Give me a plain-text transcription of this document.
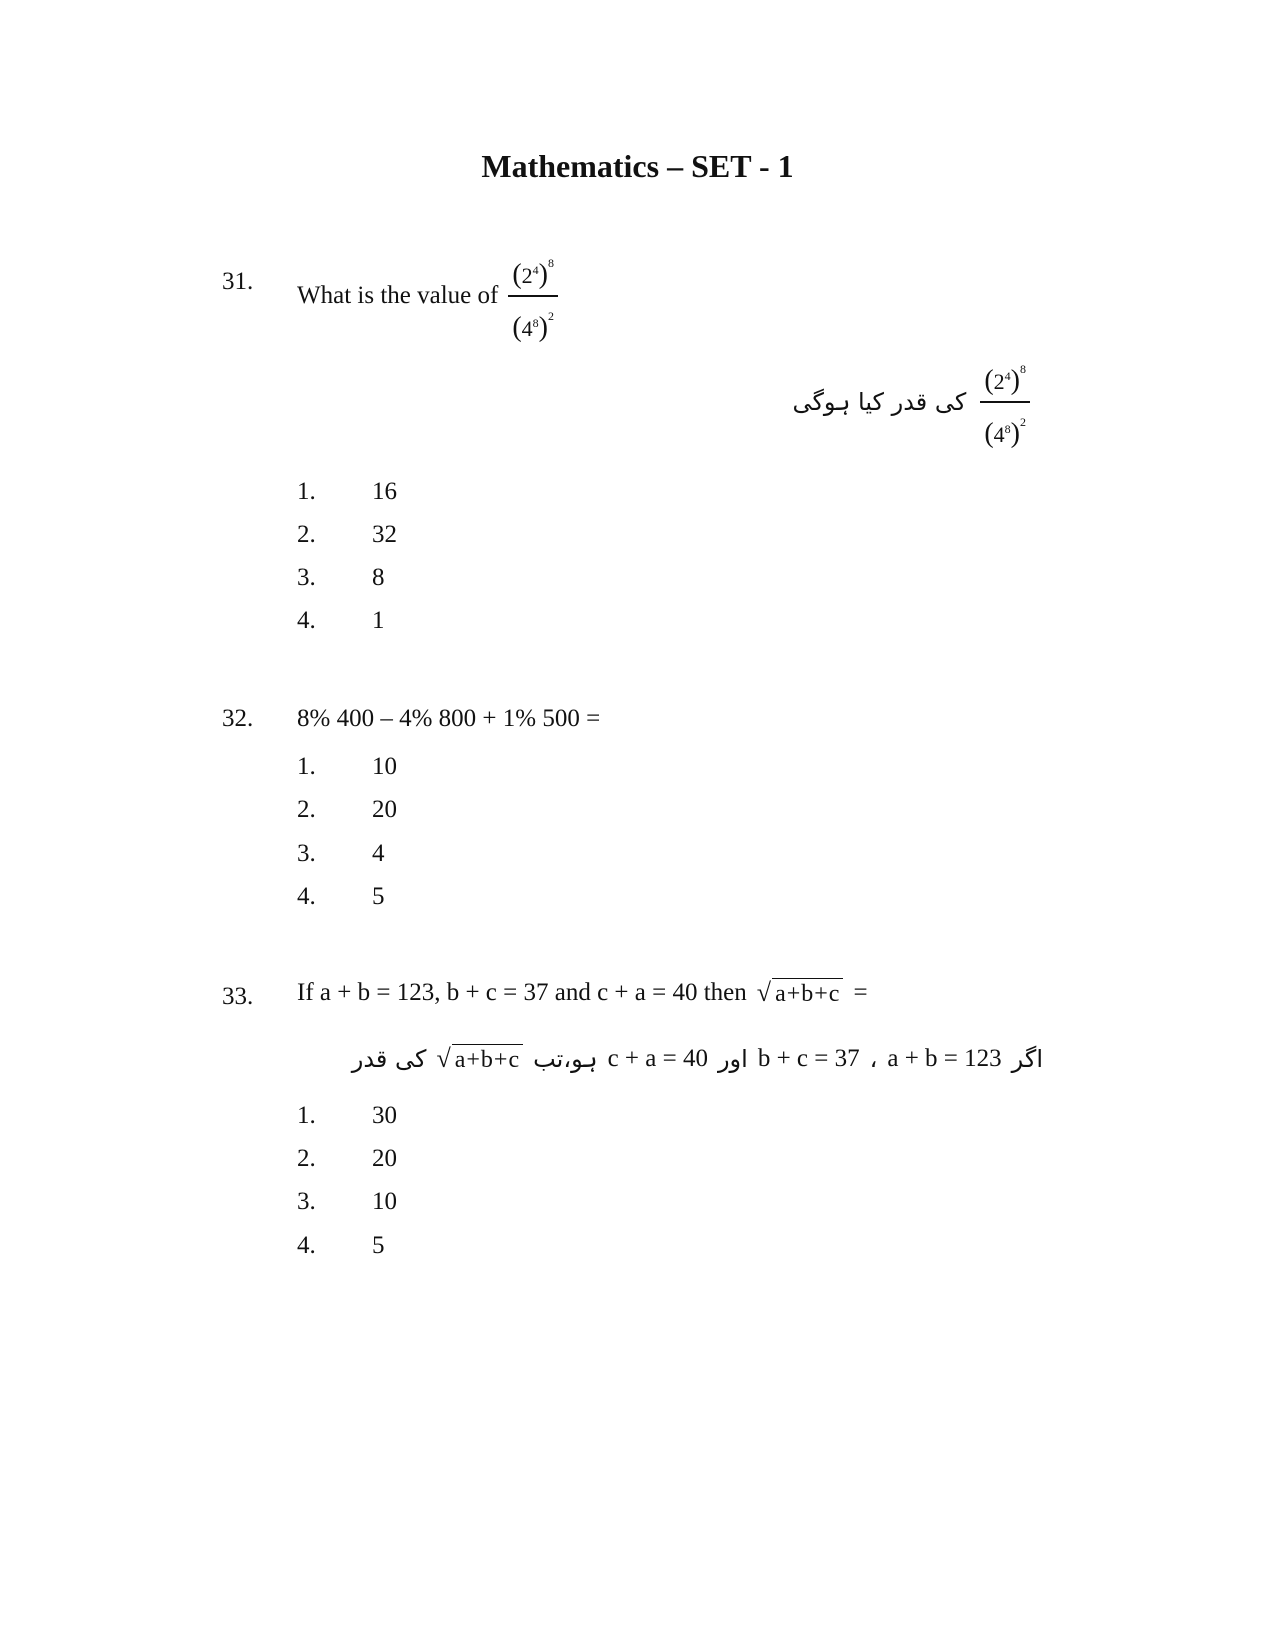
Mathematics – SET - 1
31.
What is the value of $\frac{(2^4)^8}{(4^8)^2}$
کی قدر کیا ہوگی $\frac{(2^4)^8}{(4^8)^2}$
1. 16
2. 32
3. 8
4. 1
32. 8% 400 – 4% 800 + 1% 500 =
1. 10
2. 20
3. 4
4. 5
33. If a + b = 123, b + c = 37 and c + a = 40 then √ a+b+c =
کی قدر √ a+b+c ہو،تب c + a = 40 اور b + c = 37 ، a + b = 123 اگر
1. 30
2. 20
3. 10
4. 5
